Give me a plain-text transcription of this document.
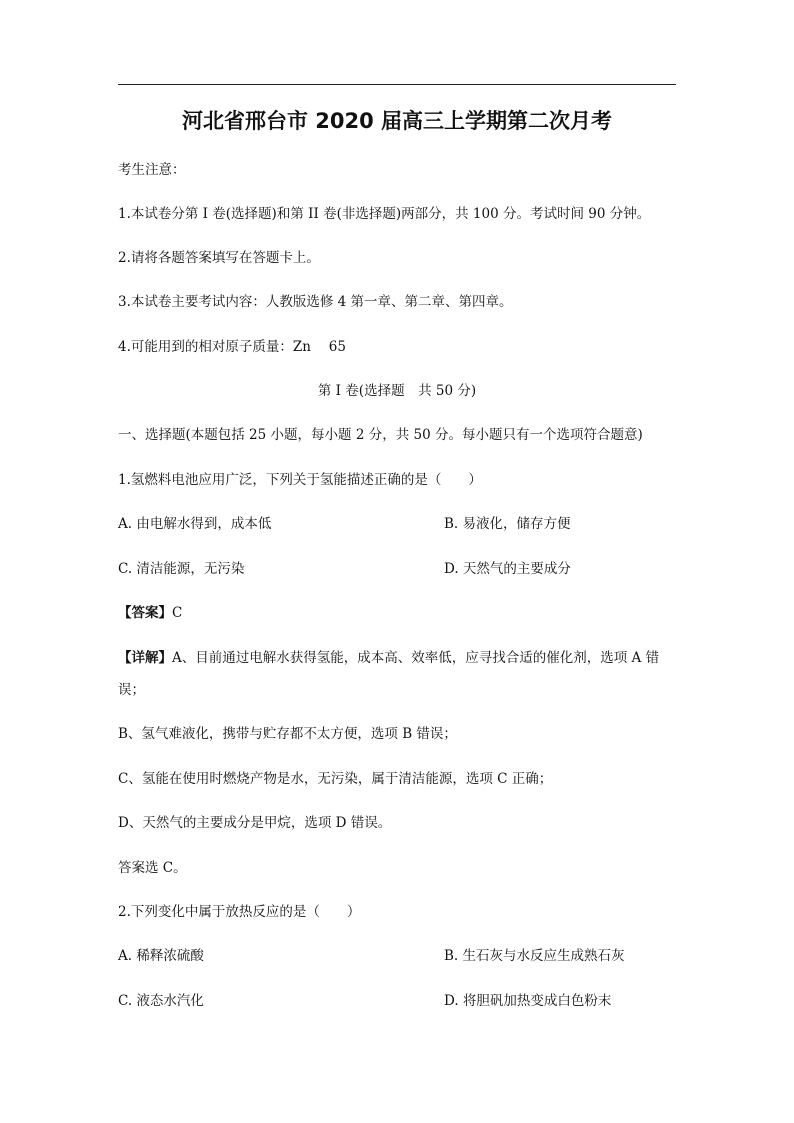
河北省邢台市 2020 届高三上学期第二次月考
考生注意：
1.本试卷分第 I 卷(选择题)和第 II 卷(非选择题)两部分，共 100 分。考试时间 90 分钟。
2.请将各题答案填写在答题卡上。
3.本试卷主要考试内容：人教版选修 4 第一章、第二章、第四章。
4.可能用到的相对原子质量：Zn　 65
第 I 卷(选择题　共 50 分)
一、选择题(本题包括 25 小题，每小题 2 分，共 50 分。每小题只有一个选项符合题意)
1.氢燃料电池应用广泛，下列关于氢能描述正确的是（　　）
A. 由电解水得到，成本低	B. 易液化，储存方便
C. 清洁能源，无污染	D. 天然气的主要成分
【答案】C
【详解】A、目前通过电解水获得氢能，成本高、效率低，应寻找合适的催化剂，选项 A 错
误；
B、氢气难液化，携带与贮存都不太方便，选项 B 错误；
C、氢能在使用时燃烧产物是水，无污染，属于清洁能源，选项 C 正确；
D、天然气的主要成分是甲烷，选项 D 错误。
答案选 C。
2.下列变化中属于放热反应的是（　　）
A. 稀释浓硫酸	B. 生石灰与水反应生成熟石灰
C. 液态水汽化	D. 将胆矾加热变成白色粉末
